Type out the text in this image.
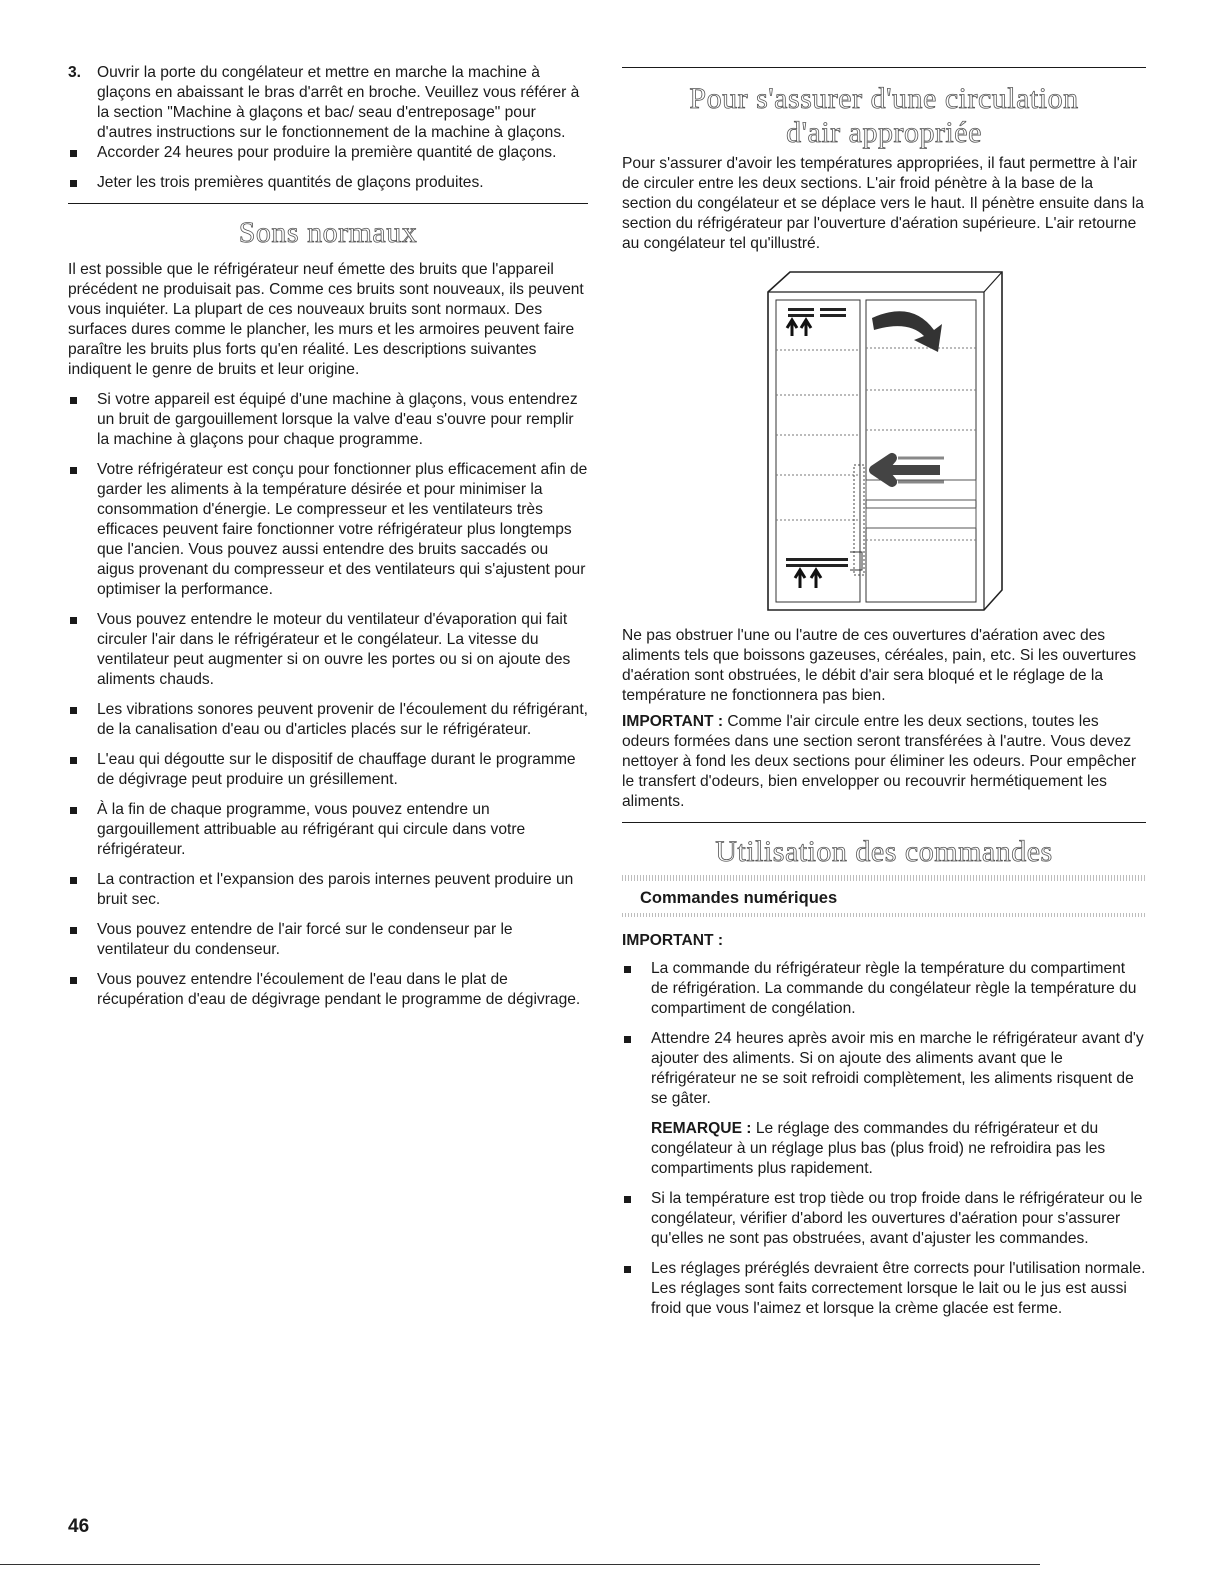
3. Ouvrir la porte du congélateur et mettre en marche la machine à glaçons en abaissant le bras d'arrêt en broche. Veuillez vous référer à la section "Machine à glaçons et bac/ seau d'entreposage" pour d'autres instructions sur le fonctionnement de la machine à glaçons.

Accorder 24 heures pour produire la première quantité de glaçons.
Jeter les trois premières quantités de glaçons produites.
Sons normaux

Il est possible que le réfrigérateur neuf émette des bruits que l'appareil précédent ne produisait pas. Comme ces bruits sont nouveaux, ils peuvent vous inquiéter. La plupart de ces nouveaux bruits sont normaux. Des surfaces dures comme le plancher, les murs et les armoires peuvent faire paraître les bruits plus forts qu'en réalité. Les descriptions suivantes indiquent le genre de bruits et leur origine.

Si votre appareil est équipé d'une machine à glaçons, vous entendrez un bruit de gargouillement lorsque la valve d'eau s'ouvre pour remplir la machine à glaçons pour chaque programme.
Votre réfrigérateur est conçu pour fonctionner plus efficacement afin de garder les aliments à la température désirée et pour minimiser la consommation d'énergie. Le compresseur et les ventilateurs très efficaces peuvent faire fonctionner votre réfrigérateur plus longtemps que l'ancien. Vous pouvez aussi entendre des bruits saccadés ou aigus provenant du compresseur et des ventilateurs qui s'ajustent pour optimiser la performance.
Vous pouvez entendre le moteur du ventilateur d'évaporation qui fait circuler l'air dans le réfrigérateur et le congélateur. La vitesse du ventilateur peut augmenter si on ouvre les portes ou si on ajoute des aliments chauds.
Les vibrations sonores peuvent provenir de l'écoulement du réfrigérant, de la canalisation d'eau ou d'articles placés sur le réfrigérateur.
L'eau qui dégoutte sur le dispositif de chauffage durant le programme de dégivrage peut produire un grésillement.
À la fin de chaque programme, vous pouvez entendre un gargouillement attribuable au réfrigérant qui circule dans votre réfrigérateur.
La contraction et l'expansion des parois internes peuvent produire un bruit sec.
Vous pouvez entendre de l'air forcé sur le condenseur par le ventilateur du condenseur.
Vous pouvez entendre l'écoulement de l'eau dans le plat de récupération d'eau de dégivrage pendant le programme de dégivrage.
Pour s'assurer d'une circulation d'air appropriée

Pour s'assurer d'avoir les températures appropriées, il faut permettre à l'air de circuler entre les deux sections. L'air froid pénètre à la base de la section du congélateur et se déplace vers le haut. Il pénètre ensuite dans la section du réfrigérateur par l'ouverture d'aération supérieure. L'air retourne au congélateur tel qu'illustré.

Ne pas obstruer l'une ou l'autre de ces ouvertures d'aération avec des aliments tels que boissons gazeuses, céréales, pain, etc. Si les ouvertures d'aération sont obstruées, le débit d'air sera bloqué et le réglage de la température ne fonctionnera pas bien.

IMPORTANT : Comme l'air circule entre les deux sections, toutes les odeurs formées dans une section seront transférées à l'autre. Vous devez nettoyer à fond les deux sections pour éliminer les odeurs. Pour empêcher le transfert d'odeurs, bien envelopper ou recouvrir hermétiquement les aliments.

Utilisation des commandes
Commandes numériques

IMPORTANT :

La commande du réfrigérateur règle la température du compartiment de réfrigération. La commande du congélateur règle la température du compartiment de congélation.
Attendre 24 heures après avoir mis en marche le réfrigérateur avant d'y ajouter des aliments. Si on ajoute des aliments avant que le réfrigérateur ne se soit refroidi complètement, les aliments risquent de se gâter.
REMARQUE : Le réglage des commandes du réfrigérateur et du congélateur à un réglage plus bas (plus froid) ne refroidira pas les compartiments plus rapidement.
Si la température est trop tiède ou trop froide dans le réfrigérateur ou le congélateur, vérifier d'abord les ouvertures d'aération pour s'assurer qu'elles ne sont pas obstruées, avant d'ajuster les commandes.
Les réglages préréglés devraient être corrects pour l'utilisation normale. Les réglages sont faits correctement lorsque le lait ou le jus est aussi froid que vous l'aimez et lorsque la crème glacée est ferme.
46
